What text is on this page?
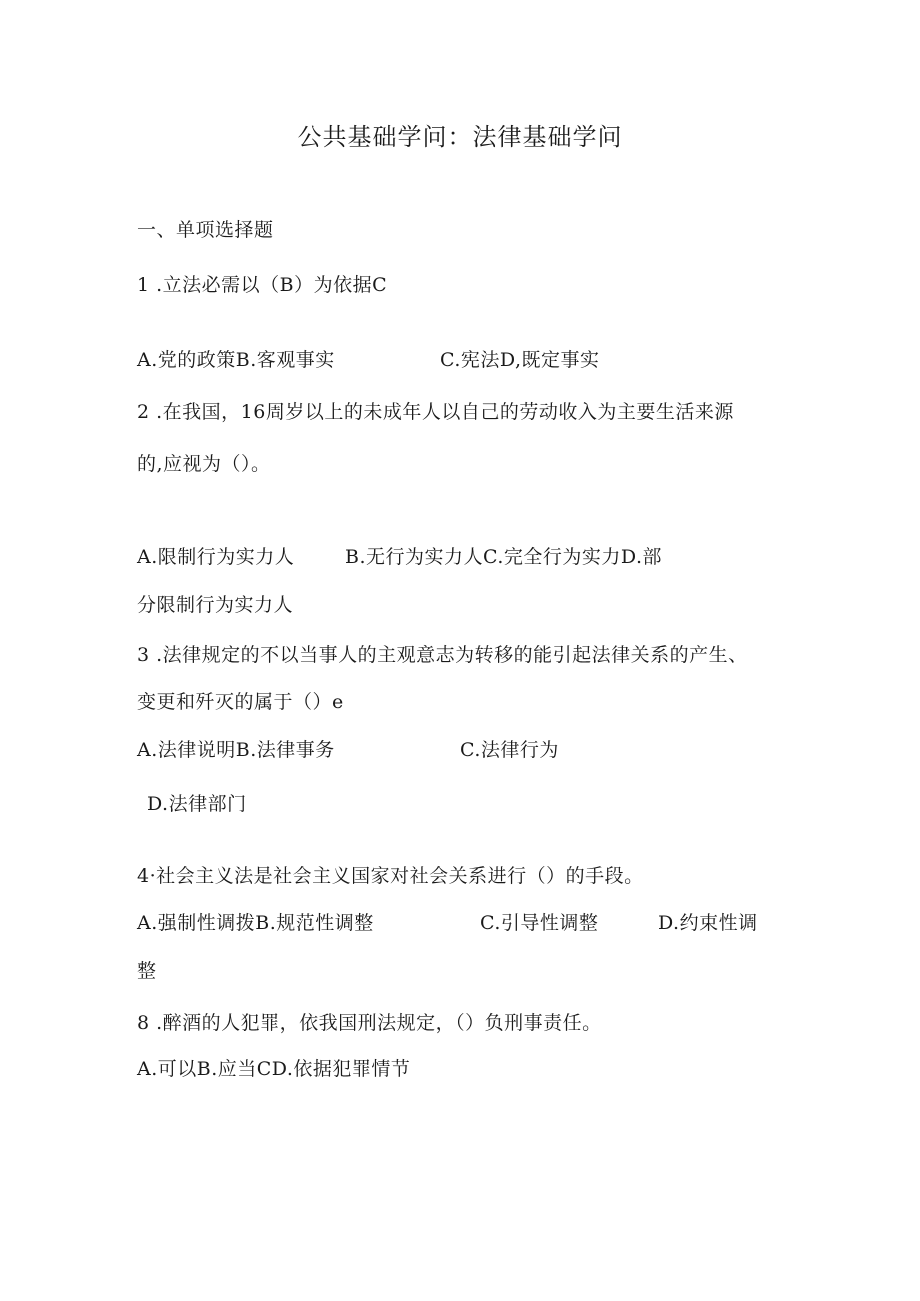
公共基础学问：法律基础学问
一、单项选择题
1 .立法必需以（B）为依据C
A.党的政策B.客观事实	C.宪法D,既定事实
2 .在我国，16周岁以上的未成年人以自己的劳动收入为主要生活来源
的,应视为（）。
A.限制行为实力人	B.无行为实力人C.完全行为实力D.部
分限制行为实力人
3 .法律规定的不以当事人的主观意志为转移的能引起法律关系的产生、
变更和歼灭的属于（）e
A.法律说明B.法律事务	C.法律行为
D.法律部门
4·社会主义法是社会主义国家对社会关系进行（）的手段。
A.强制性调拨B.规范性调整	C.引导性调整	D.约束性调
整
8 .醉酒的人犯罪，依我国刑法规定，（）负刑事责任。
A.可以B.应当CD.依据犯罪情节
